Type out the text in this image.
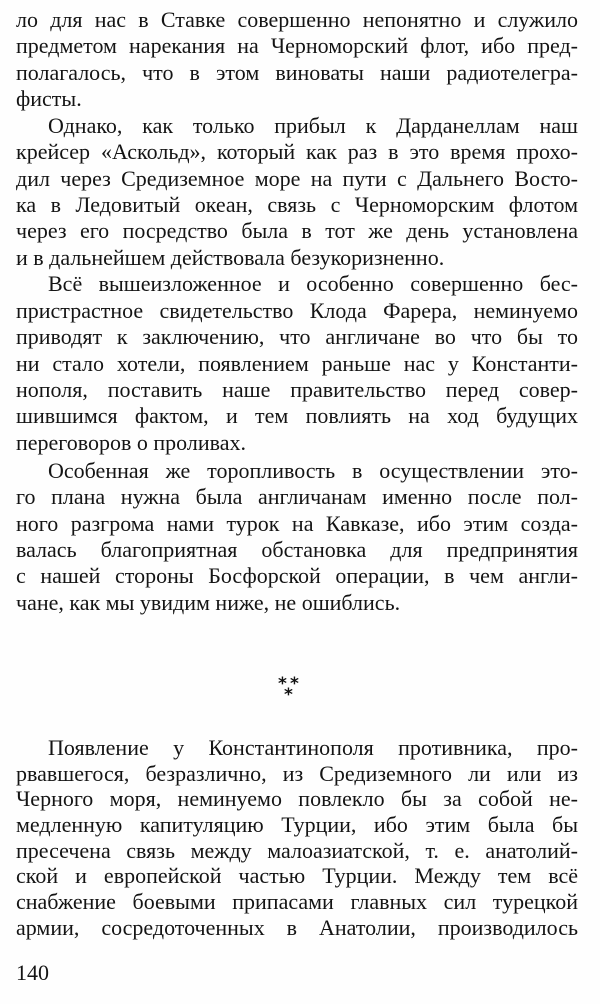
ло для нас в Ставке совершенно непонятно и служило
предметом нарекания на Черноморский флот, ибо пред-
полагалось, что в этом виноваты наши радиотелегра-
фисты.
Однако, как только прибыл к Дарданеллам наш
крейсер «Аскольд», который как раз в это время прохо-
дил через Средиземное море на пути с Дальнего Восто-
ка в Ледовитый океан, связь с Черноморским флотом
через его посредство была в тот же день установлена
и в дальнейшем действовала безукоризненно.
Всё вышеизложенное и особенно совершенно бес-
пристрастное свидетельство Клода Фарера, неминуемо
приводят к заключению, что англичане во что бы то
ни стало хотели, появлением раньше нас у Константи-
нополя, поставить наше правительство перед совер-
шившимся фактом, и тем повлиять на ход будущих
переговоров о проливах.
Особенная же торопливость в осуществлении это-
го плана нужна была англичанам именно после пол-
ного разгрома нами турок на Кавказе, ибо этим созда-
валась благоприятная обстановка для предпринятия
с нашей стороны Босфорской операции, в чем англи-
чане, как мы увидим ниже, не ошиблись.
* *
*
Появление у Константинополя противника, про-
рвавшегося, безразлично, из Средиземного ли или из
Черного моря, неминуемо повлекло бы за собой не-
медленную капитуляцию Турции, ибо этим была бы
пресечена связь между малоазиатской, т. е. анатолий-
ской и европейской частью Турции. Между тем всё
снабжение боевыми припасами главных сил турецкой
армии, сосредоточенных в Анатолии, производилось
140
